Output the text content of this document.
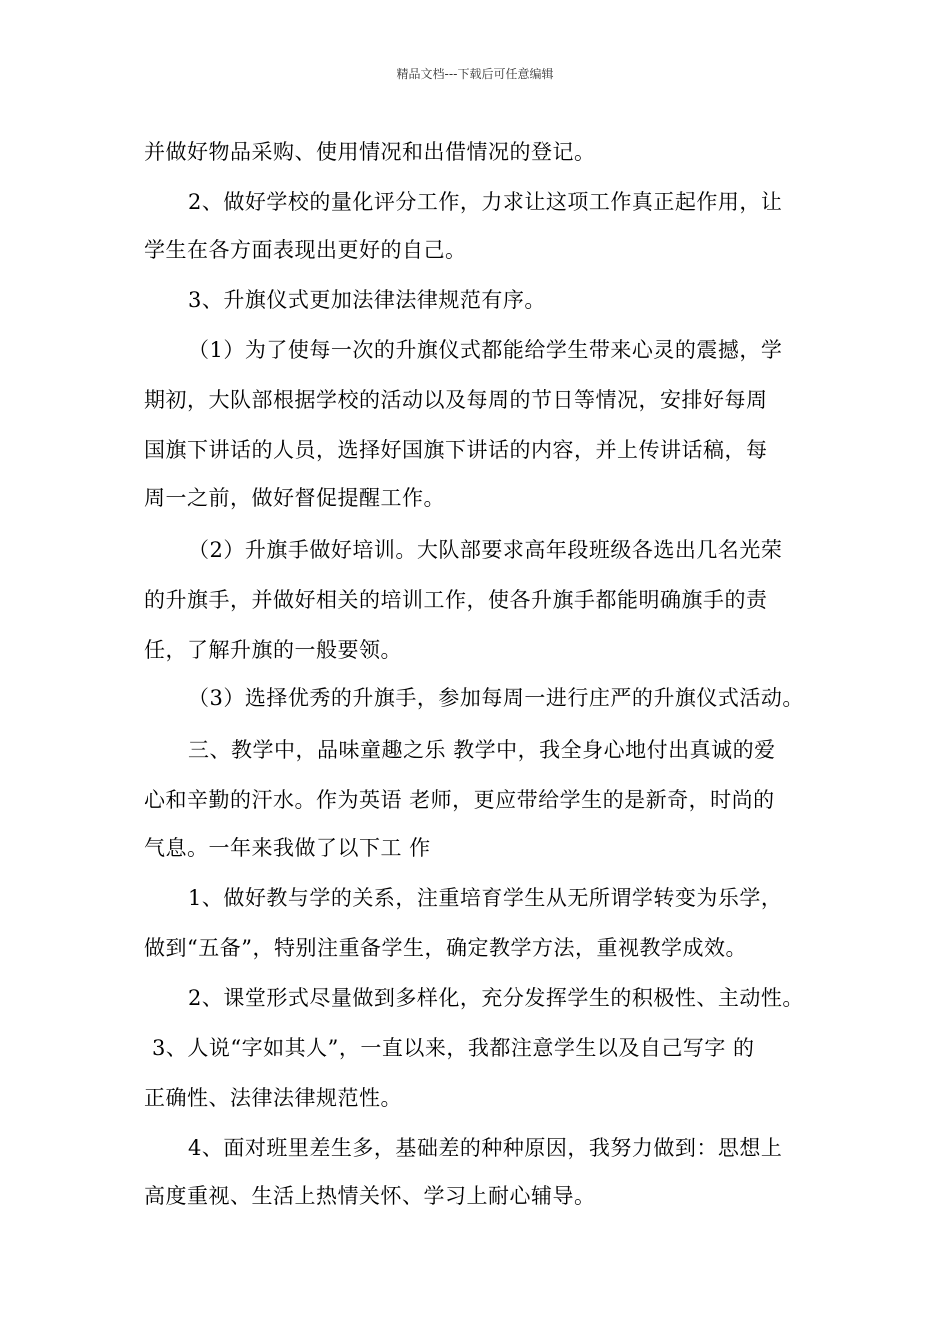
精品文档---下载后可任意编辑
并做好物品采购、使用情况和出借情况的登记。
2、做好学校的量化评分工作，力求让这项工作真正起作用，让
学生在各方面表现出更好的自己。
3、升旗仪式更加法律法律规范有序。
（1）为了使每一次的升旗仪式都能给学生带来心灵的震撼，学
期初，大队部根据学校的活动以及每周的节日等情况，安排好每周
国旗下讲话的人员，选择好国旗下讲话的内容，并上传讲话稿，每
周一之前，做好督促提醒工作。
（2）升旗手做好培训。大队部要求高年段班级各选出几名光荣
的升旗手，并做好相关的培训工作，使各升旗手都能明确旗手的责
任，了解升旗的一般要领。
（3）选择优秀的升旗手，参加每周一进行庄严的升旗仪式活动。
三、教学中，品味童趣之乐 教学中，我全身心地付出真诚的爱
心和辛勤的汗水。作为英语 老师，更应带给学生的是新奇，时尚的
气息。一年来我做了以下工 作
1、做好教与学的关系，注重培育学生从无所谓学转变为乐学，
做到“五备”，特别注重备学生，确定教学方法，重视教学成效。
2、课堂形式尽量做到多样化，充分发挥学生的积极性、主动性。
3、人说“字如其人”，一直以来，我都注意学生以及自己写字 的
正确性、法律法律规范性。
4、面对班里差生多，基础差的种种原因，我努力做到：思想上
高度重视、生活上热情关怀、学习上耐心辅导。
